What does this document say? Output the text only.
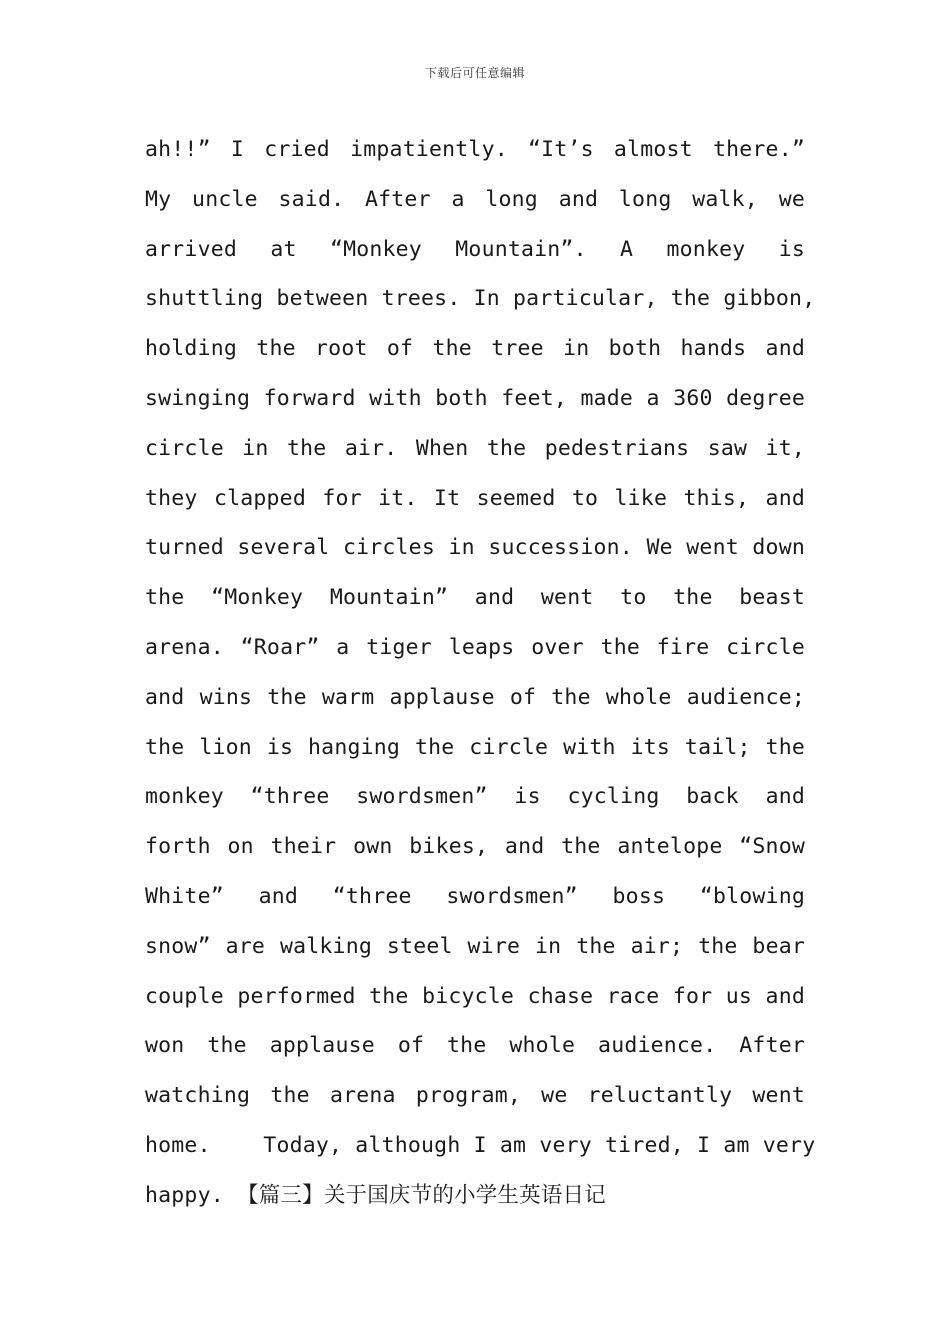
下载后可任意编辑
ah!!” I cried impatiently. “It’s almost there.”
My uncle said. After a long and long walk, we
arrived at “Monkey Mountain”. A monkey is
shuttling between trees. In particular, the gibbon,
holding the root of the tree in both hands and
swinging forward with both feet, made a 360 degree
circle in the air. When the pedestrians saw it,
they clapped for it. It seemed to like this, and
turned several circles in succession. We went down
the “Monkey Mountain” and went to the beast
arena. “Roar” a tiger leaps over the fire circle
and wins the warm applause of the whole audience;
the lion is hanging the circle with its tail; the
monkey “three swordsmen” is cycling back and
forth on their own bikes, and the antelope “Snow
White” and “three swordsmen” boss “blowing
snow” are walking steel wire in the air; the bear
couple performed the bicycle chase race for us and
won the applause of the whole audience. After
watching the arena program, we reluctantly went
home.    Today, although I am very tired, I am very
happy. 【篇三】关于国庆节的小学生英语日记
